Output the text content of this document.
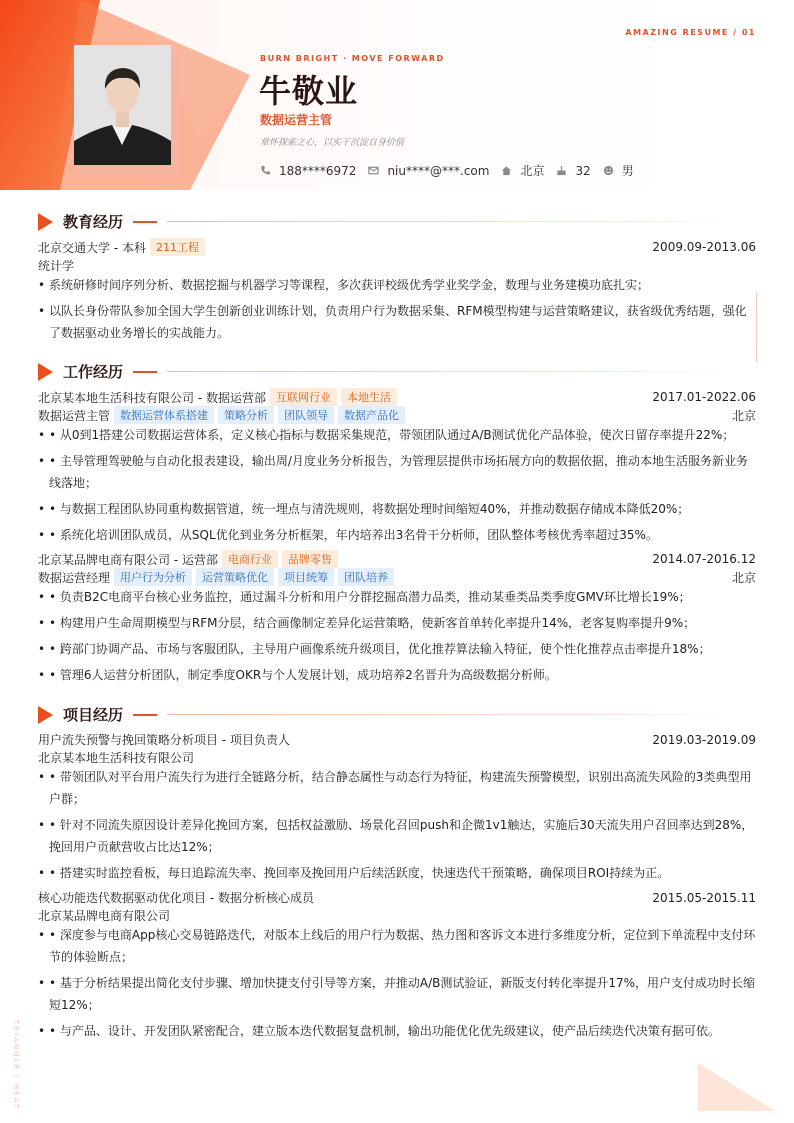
AMAZING RESUME / 01
BURN BRIGHT · MOVE FORWARD
牛敬业
数据运营主管
常怀探索之心，以实干沉淀自身价值
188****6972	niu****@***.com	北京	32	男
教育经历
北京交通大学 - 本科 211工程	2009.09-2013.06
统计学
• 系统研修时间序列分析、数据挖掘与机器学习等课程，多次获评校级优秀学业奖学金，数理与业务建模功底扎实；
• 以队长身份带队参加全国大学生创新创业训练计划，负责用户行为数据采集、RFM模型构建与运营策略建议，获省级优秀结题，强化了数据驱动业务增长的实战能力。
工作经历
北京某本地生活科技有限公司 - 数据运营部 互联网行业	本地生活	2017.01-2022.06
数据运营主管 数据运营体系搭建	策略分析	团队领导	数据产品化	北京
• • 从0到1搭建公司数据运营体系，定义核心指标与数据采集规范，带领团队通过A/B测试优化产品体验，使次日留存率提升22%；
• • 主导管理驾驶舱与自动化报表建设，输出周/月度业务分析报告，为管理层提供市场拓展方向的数据依据，推动本地生活服务新业务线落地；
• • 与数据工程团队协同重构数据管道，统一埋点与清洗规则，将数据处理时间缩短40%，并推动数据存储成本降低20%；
• • 系统化培训团队成员，从SQL优化到业务分析框架，年内培养出3名骨干分析师，团队整体考核优秀率超过35%。
北京某品牌电商有限公司 - 运营部 电商行业	品牌零售	2014.07-2016.12
数据运营经理 用户行为分析	运营策略优化	项目统筹	团队培养	北京
• • 负责B2C电商平台核心业务监控，通过漏斗分析和用户分群挖掘高潜力品类，推动某垂类品类季度GMV环比增长19%；
• • 构建用户生命周期模型与RFM分层，结合画像制定差异化运营策略，使新客首单转化率提升14%，老客复购率提升9%；
• • 跨部门协调产品、市场与客服团队，主导用户画像系统升级项目，优化推荐算法输入特征，使个性化推荐点击率提升18%；
• • 管理6人运营分析团队，制定季度OKR与个人发展计划，成功培养2名晋升为高级数据分析师。
项目经历
用户流失预警与挽回策略分析项目 - 项目负责人	2019.03-2019.09
北京某本地生活科技有限公司
• • 带领团队对平台用户流失行为进行全链路分析，结合静态属性与动态行为特征，构建流失预警模型，识别出高流失风险的3类典型用户群；
• • 针对不同流失原因设计差异化挽回方案，包括权益激励、场景化召回push和企微1v1触达，实施后30天流失用户召回率达到28%，挽回用户贡献营收占比达12%；
• • 搭建实时监控看板，每日追踪流失率、挽回率及挽回用户后续活跃度，快速迭代干预策略，确保项目ROI持续为正。
核心功能迭代数据驱动优化项目 - 数据分析核心成员	2015.05-2015.11
北京某品牌电商有限公司
• • 深度参与电商App核心交易链路迭代，对版本上线后的用户行为数据、热力图和客诉文本进行多维度分析，定位到下单流程中支付环节的体验断点；
• • 基于分析结果提出简化支付步骤、增加快捷支付引导等方案，并推动A/B测试验证，新版支付转化率提升17%，用户支付成功时长缩短12%；
• • 与产品、设计、开发团队紧密配合，建立版本迭代数据复盘机制，输出功能优化优先级建议，使产品后续迭代决策有据可依。
TRIANGLE / HEAT
